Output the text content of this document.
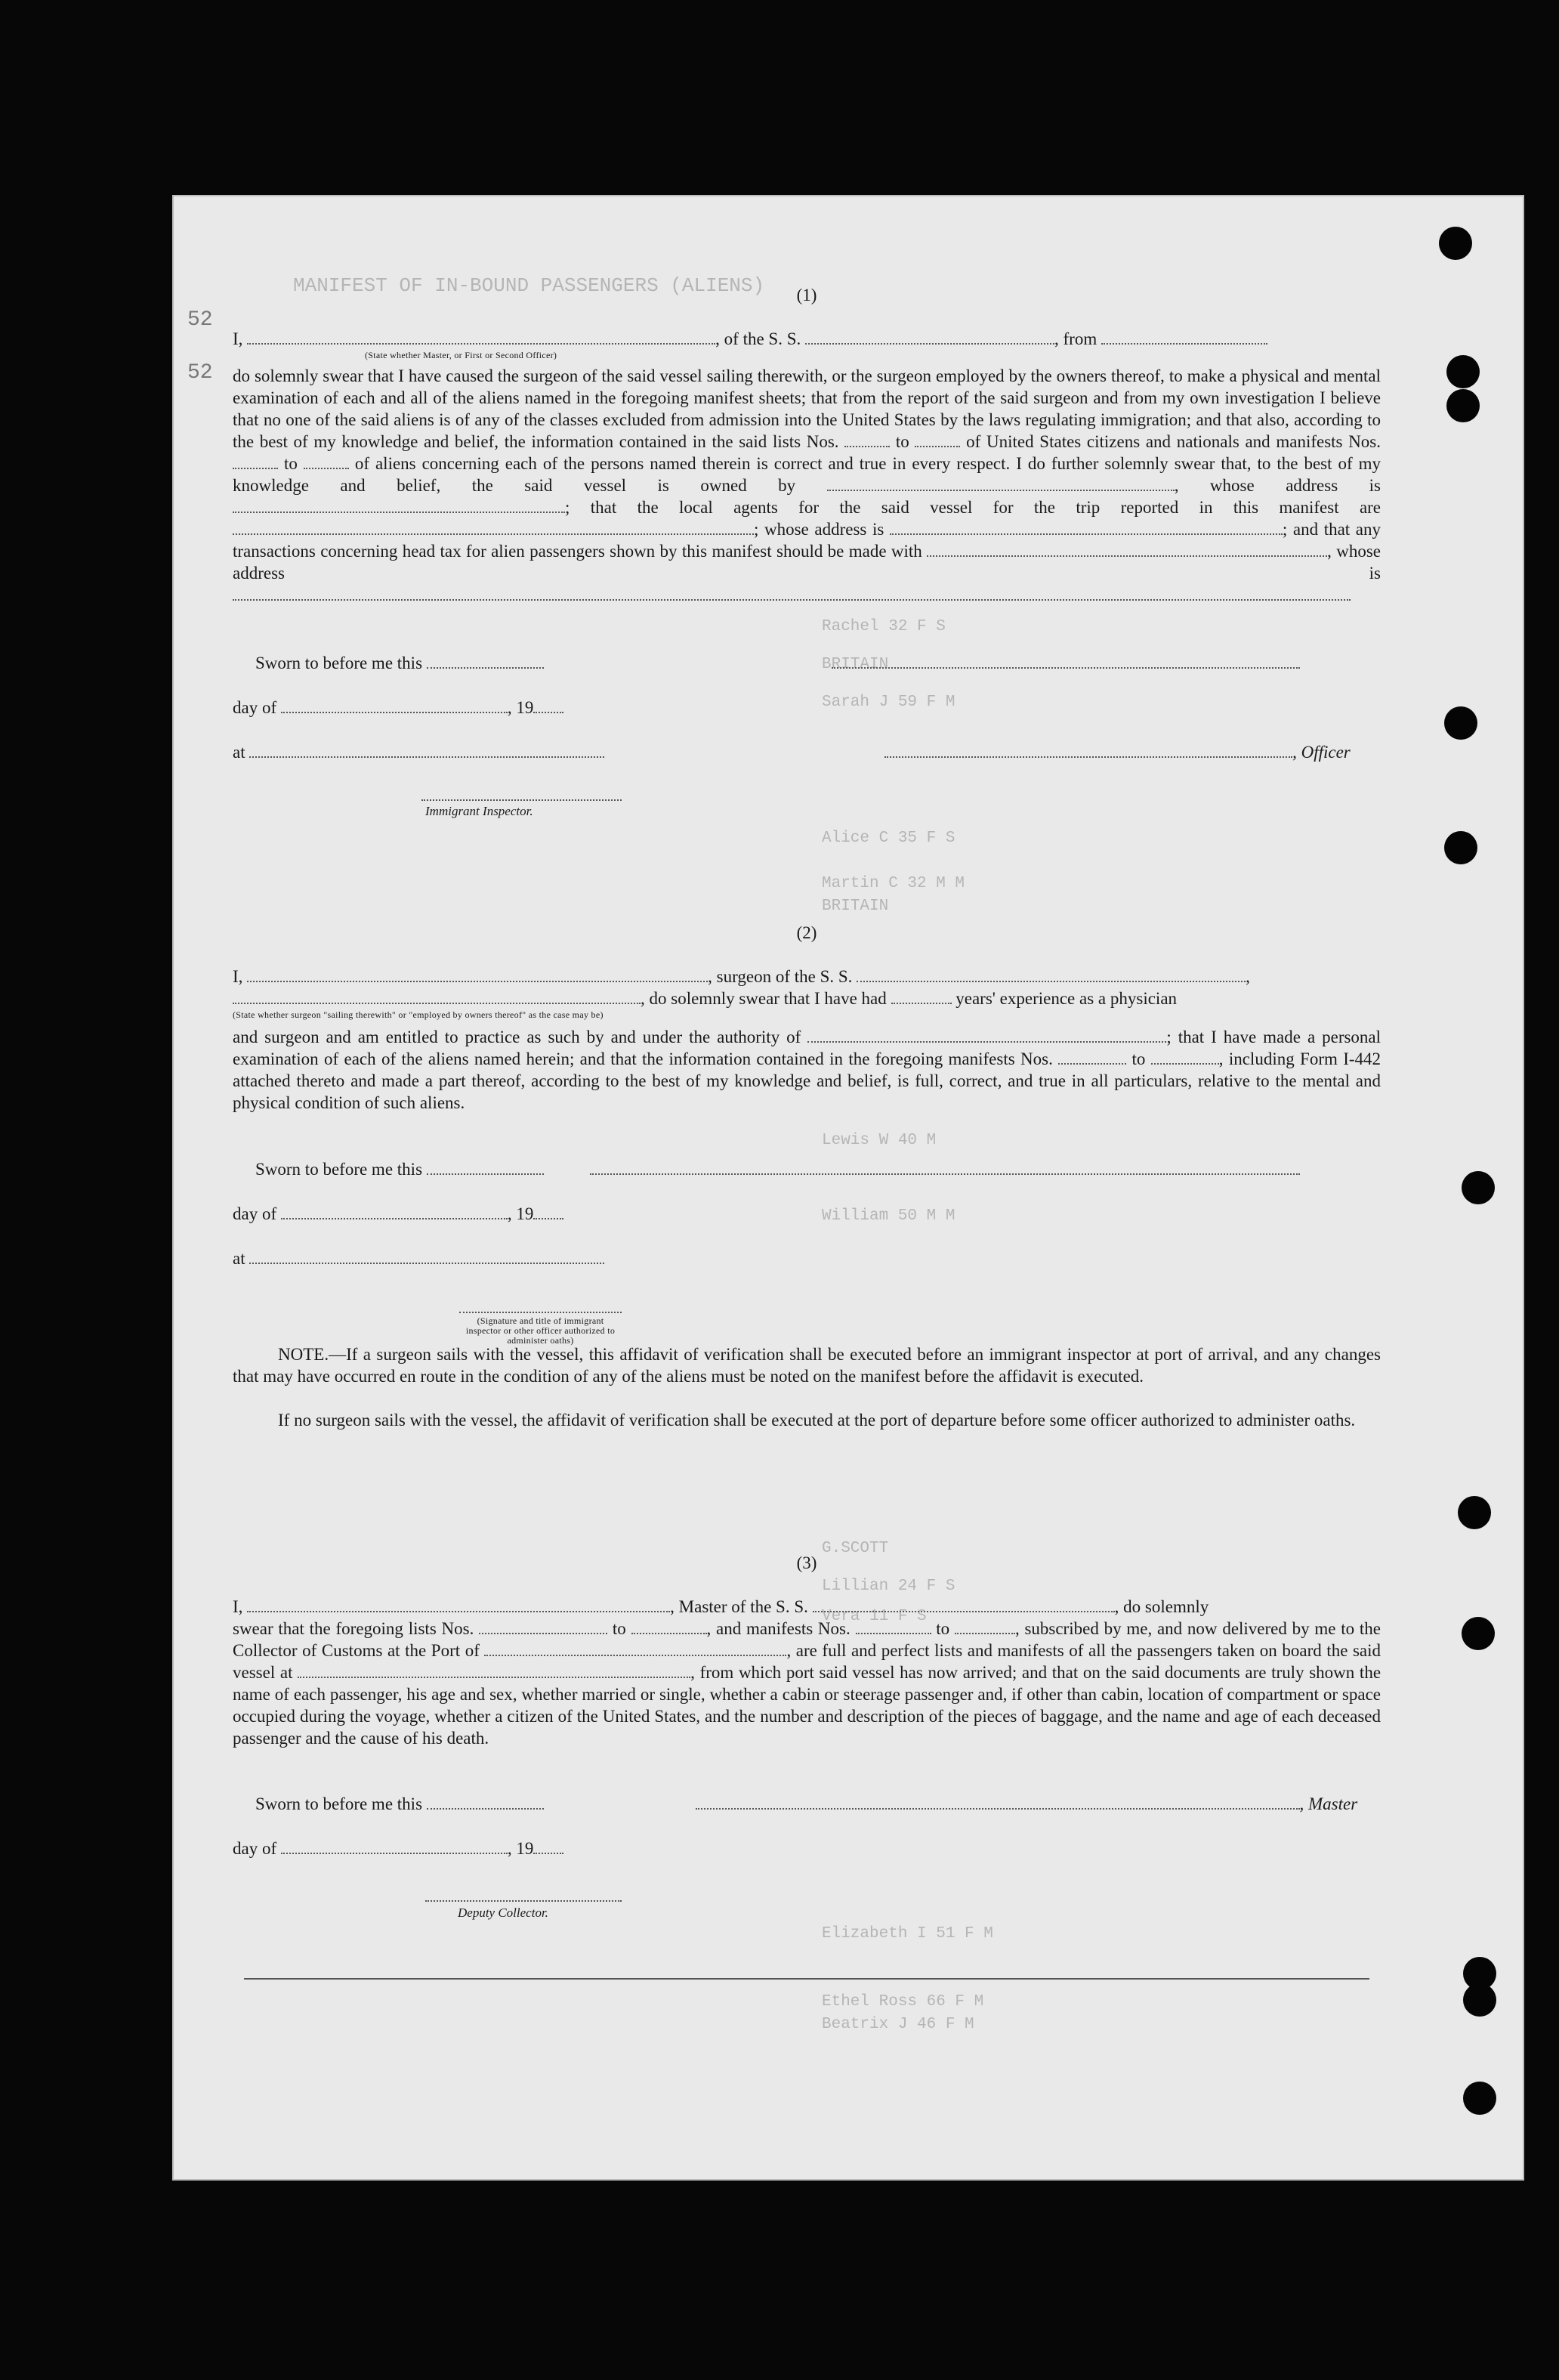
MANIFEST OF IN-BOUND PASSENGERS (ALIENS)
52
52
Rachel 32 F S
BRITAIN
Sarah J 59 F M
Alice C 35 F S
Martin C 32 M M
BRITAIN
Lewis W 40 M
William 50 M M
G.SCOTT
Lillian 24 F S
Vera 11 F S
Elizabeth I 51 F M
Ethel Ross 66 F M
Beatrix J 46 F M
(1)
I,	, of the S. S.	, from
(State whether Master, or First or Second Officer)
do solemnly swear that I have caused the surgeon of the said vessel sailing therewith, or the surgeon employed by the owners thereof, to make a physical and mental examination of each and all of the aliens named in the foregoing manifest sheets; that from the report of the said surgeon and from my own investigation I believe that no one of the said aliens is of any of the classes excluded from admission into the United States by the laws regulating immigration; and that also, according to the best of my knowledge and belief, the information contained in the said lists Nos.	to	of United States citizens and nationals and manifests Nos.  to	of aliens concerning each of the persons named therein is correct and true in every respect. I do further solemnly swear that, to the best of my knowledge and belief, the said vessel is owned by	, whose address is ; that the local agents for the said vessel for the trip reported in this manifest are ; whose address is	; and that any transactions concerning head tax for alien passengers shown by this manifest should be made with	, whose address is
Sworn to before me this
day of	, 19
at	, Officer
Immigrant Inspector.
(2)
I,	, surgeon of the S. S.	,
, do solemnly swear that I have had	years' experience as a physician
(State whether surgeon "sailing therewith" or "employed by owners thereof" as the case may be)
and surgeon and am entitled to practice as such by and under the authority of	; that I have made a personal examination of each of the aliens named herein; and that the information contained in the foregoing manifests Nos.	to	, including Form I-442 attached thereto and made a part thereof, according to the best of my knowledge and belief, is full, correct, and true in all particulars, relative to the mental and physical condition of such aliens.
Sworn to before me this
day of	, 19
at
(Signature and title of immigrant inspector or other officer authorized to administer oaths)
NOTE.—If a surgeon sails with the vessel, this affidavit of verification shall be executed before an immigrant inspector at port of arrival, and any changes that may have occurred en route in the condition of any of the aliens must be noted on the manifest before the affidavit is executed.
If no surgeon sails with the vessel, the affidavit of verification shall be executed at the port of departure before some officer authorized to administer oaths.
(3)
I,	, Master of the S. S.	, do solemnly
swear that the foregoing lists Nos.	to	, and manifests Nos.	to	, subscribed by me, and now delivered by me to the Collector of Customs at the Port of	, are full and perfect lists and manifests of all the passengers taken on board the said vessel at	, from which port said vessel has now arrived; and that on the said documents are truly shown the name of each passenger, his age and sex, whether married or single, whether a cabin or steerage passenger and, if other than cabin, location of compartment or space occupied during the voyage, whether a citizen of the United States, and the number and description of the pieces of baggage, and the name and age of each deceased passenger and the cause of his death.
Sworn to before me this	, Master
day of	, 19
Deputy Collector.
